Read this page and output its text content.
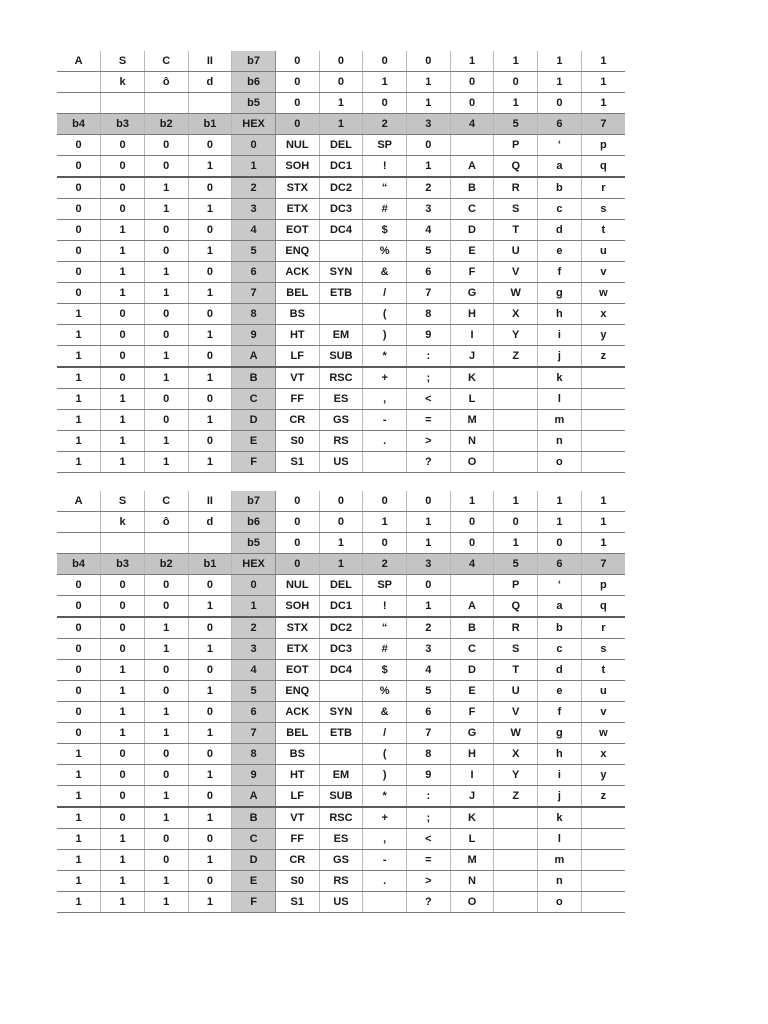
A	S	C	II	b7	0	0	0	0	1	1	1	1
	k	ô	d	b6	0	0	1	1	0	0	1	1
				b5	0	1	0	1	0	1	0	1
b4	b3	b2	b1	HEX	0	1	2	3	4	5	6	7
0	0	0	0	0	NUL	DEL	SP	0		P	‘	p
0	0	0	1	1	SOH	DC1	!	1	A	Q	a	q
0	0	1	0	2	STX	DC2	“	2	B	R	b	r
0	0	1	1	3	ETX	DC3	#	3	C	S	c	s
0	1	0	0	4	EOT	DC4	$	4	D	T	d	t
0	1	0	1	5	ENQ		%	5	E	U	e	u
0	1	1	0	6	ACK	SYN	&	6	F	V	f	v
0	1	1	1	7	BEL	ETB	/	7	G	W	g	w
1	0	0	0	8	BS		(	8	H	X	h	x
1	0	0	1	9	HT	EM	)	9	I	Y	i	y
1	0	1	0	A	LF	SUB	*	:	J	Z	j	z
1	0	1	1	B	VT	RSC	+	;	K		k	
1	1	0	0	C	FF	ES	,	<	L		l	
1	1	0	1	D	CR	GS	-	=	M		m	
1	1	1	0	E	S0	RS	.	>	N		n	
1	1	1	1	F	S1	US		?	O		o	
A	S	C	II	b7	0	0	0	0	1	1	1	1
	k	ô	d	b6	0	0	1	1	0	0	1	1
				b5	0	1	0	1	0	1	0	1
b4	b3	b2	b1	HEX	0	1	2	3	4	5	6	7
0	0	0	0	0	NUL	DEL	SP	0		P	‘	p
0	0	0	1	1	SOH	DC1	!	1	A	Q	a	q
0	0	1	0	2	STX	DC2	“	2	B	R	b	r
0	0	1	1	3	ETX	DC3	#	3	C	S	c	s
0	1	0	0	4	EOT	DC4	$	4	D	T	d	t
0	1	0	1	5	ENQ		%	5	E	U	e	u
0	1	1	0	6	ACK	SYN	&	6	F	V	f	v
0	1	1	1	7	BEL	ETB	/	7	G	W	g	w
1	0	0	0	8	BS		(	8	H	X	h	x
1	0	0	1	9	HT	EM	)	9	I	Y	i	y
1	0	1	0	A	LF	SUB	*	:	J	Z	j	z
1	0	1	1	B	VT	RSC	+	;	K		k	
1	1	0	0	C	FF	ES	,	<	L		l	
1	1	0	1	D	CR	GS	-	=	M		m	
1	1	1	0	E	S0	RS	.	>	N		n	
1	1	1	1	F	S1	US		?	O		o	
